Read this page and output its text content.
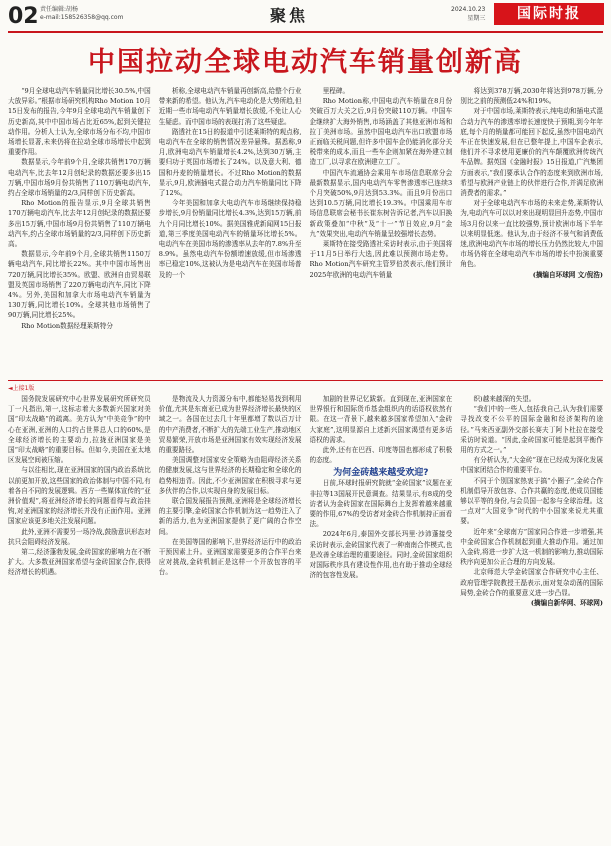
02 责任编辑:胡杨
e-mail:158526358@qq.com	聚焦	2024.10.23
星期三	国际时报
中国拉动全球电动汽车销量创新高

“9月全球电动汽车销量同比增长30.5%,中国大放异彩。”根据市场研究机构Rho Motion 10月15日发布的报告,今年9月全球电动汽车销量创下历史新高,其中中国市场占比近65%,起到关键拉动作用。分析人士认为,全球市场分布不均,中国市场增长显著,未来仍将在拉动全球市场增长中起到重要作用。

数据显示,今年前9个月,全球共销售170万辆电动汽车,比去年12月创纪录的数据还要多出15万辆,中国市场9月份共销售了110万辆电动汽车,约占全球市场销量的2/3,同样创下历史新高。

Rho Motion的报告显示,9月全球共销售170万辆电动汽车,比去年12月创纪录的数据还要多出15万辆,中国市场9月份共销售了110万辆电动汽车,约占全球市场销量的2/3,同样创下历史新高。

数据显示,今年前9个月,全球共销售1150万辆电动汽车,同比增长22%。其中中国市场售出720万辆,同比增长35%。欧盟、欧洲自由贸易联盟及英国市场销售了220万辆电动汽车,同比下降4%。另外,美国和加拿大市场电动汽车销量为130万辆,同比增长10%。全球其他市场销售了90万辆,同比增长25%。

Rho Motion数据经理莱斯特分

析称,全球电动汽车销量再创新高,给整个行业带来新的希望。他认为,汽车电动化是大势所趋,但近期一些市场电动汽车销量增长放缓,不免让人心生疑虑。而中国市场的表现打消了这些疑虑。

路透社在15日的报道中引述莱斯特的观点称,电动汽车在全球的销售情况差异悬殊。据悉称,9月,欧洲电动汽车销量增长4.2%,达到30万辆,主要归功于英国市场增长了24%。以及意大利、德国和丹麦的销量增长。不过Rho Motion的数据显示,9月,欧洲插电式混合动力汽车销量同比下降了12%。

今年美国和加拿大电动汽车市场继续保持稳步增长,9月份销量同比增长4.3%,达到15万辆,前九个月同比增长10%。据美国雅虎新闻网15日报道,第三季度美国电动汽车的销量环比增长5%。电动汽车在美国市场的渗透率从去年的7.8%升至8.9%。虽然电动汽车份额增速放缓,但市场渗透率已稳定10%,这被认为是电动汽车在美国市场普及的一个

里程碑。

Rho Motion称,中国电动汽车销量在8月份突破百万大关之后,9月份突破110万辆。中国车企继续扩大海外销售,市场涵盖了其他亚洲市场和拉丁美洲市场。虽然中国电动汽车出口欧盟市场正面临关税问题,但许多中国车企仍能消化部分关税带来的成本,而且一些车企则加紧在海外建立制造工厂,以寻求在欧洲建立工厂。

中国汽车流通协会乘用车市场信息联席分会最新数据显示,国内电动汽车零售渗透率已连续3个月突破50%,9月达到53.3%。而且9月份出口达到10.5万辆,同比增长19.3%。中国乘用车市场信息联席会秘书长崔东树告诉记者,汽车以旧换新政策叠加“中秋”及“十一”节日效应,9月“金九”效果突出,电动汽车销量呈较强增长态势。

莱斯特在接受路透社采访时表示,由于美国将于11月5日举行大选,因此难以预测市场走势。Rho Motion汽车研究主管罗伯茨表示,他们预计2025年欧洲的电动汽车销量

将达到378万辆,2030年将达到978万辆,分别比之前的预测低24%和19%。

对于中国市场,莱斯特表示,纯电动和插电式混合动力汽车的渗透率增长速度快于预期,到今年年底,每个月的销量都可能回下起反,虽然中国电动汽车正在快速发展,但在已整年提上,中国车企表示,他们并不寻求使用更廉价的汽车颠覆欧洲传统汽车品牌。据英国《金融时报》15日报道,广汽集团方面表示,“我们要承认合作的态度来到欧洲市场,希望与欧洲产业链上的伙伴进行合作,并满足欧洲消费者的需求。”

对于全球电动汽车市场的未来走势,莱斯特认为,电动汽车可以以对来出现明显回升态势,中国市场3月份以来一直比较强势,预计欧洲市场下半年以来明显低迷。他认为,由于经济不景气和消费低迷,欧洲电动汽车市场的增长压力仍然比较大,中国市场仍将在全球电动汽车市场的增长中扮演重要角色。

(摘编自环球网 文/倪浩)

◄上接1版

国务院发展研究中心世界发展研究所研究员丁一凡指出,第一,这标志着大多数新兴国家对美国“印太战略”的疏离。美方认为“中美竞争”的中心在亚洲,亚洲的人口约占世界总人口的60%,是全球经济增长的主要动力,拉拢亚洲国家是美国“印太战略”的重要目标。但如今,美国在亚太地区发展空间被压缩。

与以往相比,现在亚洲国家的国内政治系统比以前更加开放,这些国家的政治体制与中国不同,有着各自不同的发展逻辑。西方一些媒体宣传的“亚洲价值观”,将亚洲经济增长的问题看得与政治挂钩,对亚洲国家的经济增长并没有正面作用。亚洲国家应该更多地关注发展问题。

此外,亚洲不需要另一场冷战,鼓励意识形态对抗只会阻碍经济发展。

第二,经济蓬勃发展,金砖国家的影响力在不断扩大。大多数亚洲国家希望与金砖国家合作,获得经济增长的机遇。

是物流及人力资源分布中,都能轻易找到利用价值,尤其是东南亚已成为世界经济增长最快的区域之一。各国在过去几十年里都增了数以百万计的中产消费者,不断扩大的先端工业生产,推动地区贸易繁荣,开放市场是亚洲国家有效实现经济发展的重要路径。

美国调整对国家安全策略为由阻碍经济关系的健康发展,这与世界经济的长期稳定和全球化的趋势相违背。因此,不少亚洲国家在积极寻求与更多伙伴的合作,以实现自身的发展目标。

联合国发展报告预测,亚洲将是全球经济增长的主要引擎,金砖国家合作机制为这一趋势注入了新的活力,也为亚洲国家提供了更广阔的合作空间。

在美国等国的影响下,世界经济运行中的政治干预因素上升。亚洲国家需要更多的合作平台来应对挑战,金砖机制正是这样一个开放包容的平台。

加剧的世界记忆跋新。直到现在,亚洲国家在世界银行和国际货币基金组织内的话语权依然有限。在这一背景下,越来越多国家希望加入“金砖大家庭”,这明显源自上述新兴国家渴望有更多话语权的需求。

此外,还有在巴西、印度等国也都形成了积极的态度。

为何金砖越来越受欢迎?

日前,环球时报研究院就“金砖国家”议题在亚非拉等13国展开民意调查。结果显示,有8成的受访者认为金砖国家在国际舞台上发挥着越来越重要的作用,67%的受访者对金砖合作机制持正面看法。

2024年6月,泰国外交部长玛里·沙沛蓬接受采访时表示,金砖国家代表了一种南南合作模式,也是改善全球治理的重要途径。同时,金砖国家组织对国际秩序具有建设性作用,也有助于推动全球经济的包容性发展。

织)越来越深的失望。

“我们中的一些人,包括我自己,认为我们需要寻找改变不公平的国际金融和经济架构的途径。”马来西亚副外交部长赛夫丁阿卜杜拉在接受采访时说道。“因此,金砖国家可能是起到平衡作用的方式之一。”

有分析认为,“大金砖”现在已经成为深化发展中国家团结合作的重要平台。

不同于个别国家热衷于搞“小圈子”,金砖合作机制倡导开放包容、合作共赢的态度,使成员国能够以平等的身份,与会员国一起参与全球治理。这一点对“大国竞争”时代的中小国家来说尤其重要。

近年来“全球南方”国家同合作进一步增强,其中金砖国家合作机制起到重大推动作用。通过加入金砖,将进一步扩大这一机制的影响力,推动国际秩序向更加公正合理的方向发展。

北京师范大学金砖国家合作研究中心主任、政府管理学院教授王磊表示,面对复杂动荡的国际局势,金砖合作的重要意义进一步凸显。

(摘编自新华网、环球网)
